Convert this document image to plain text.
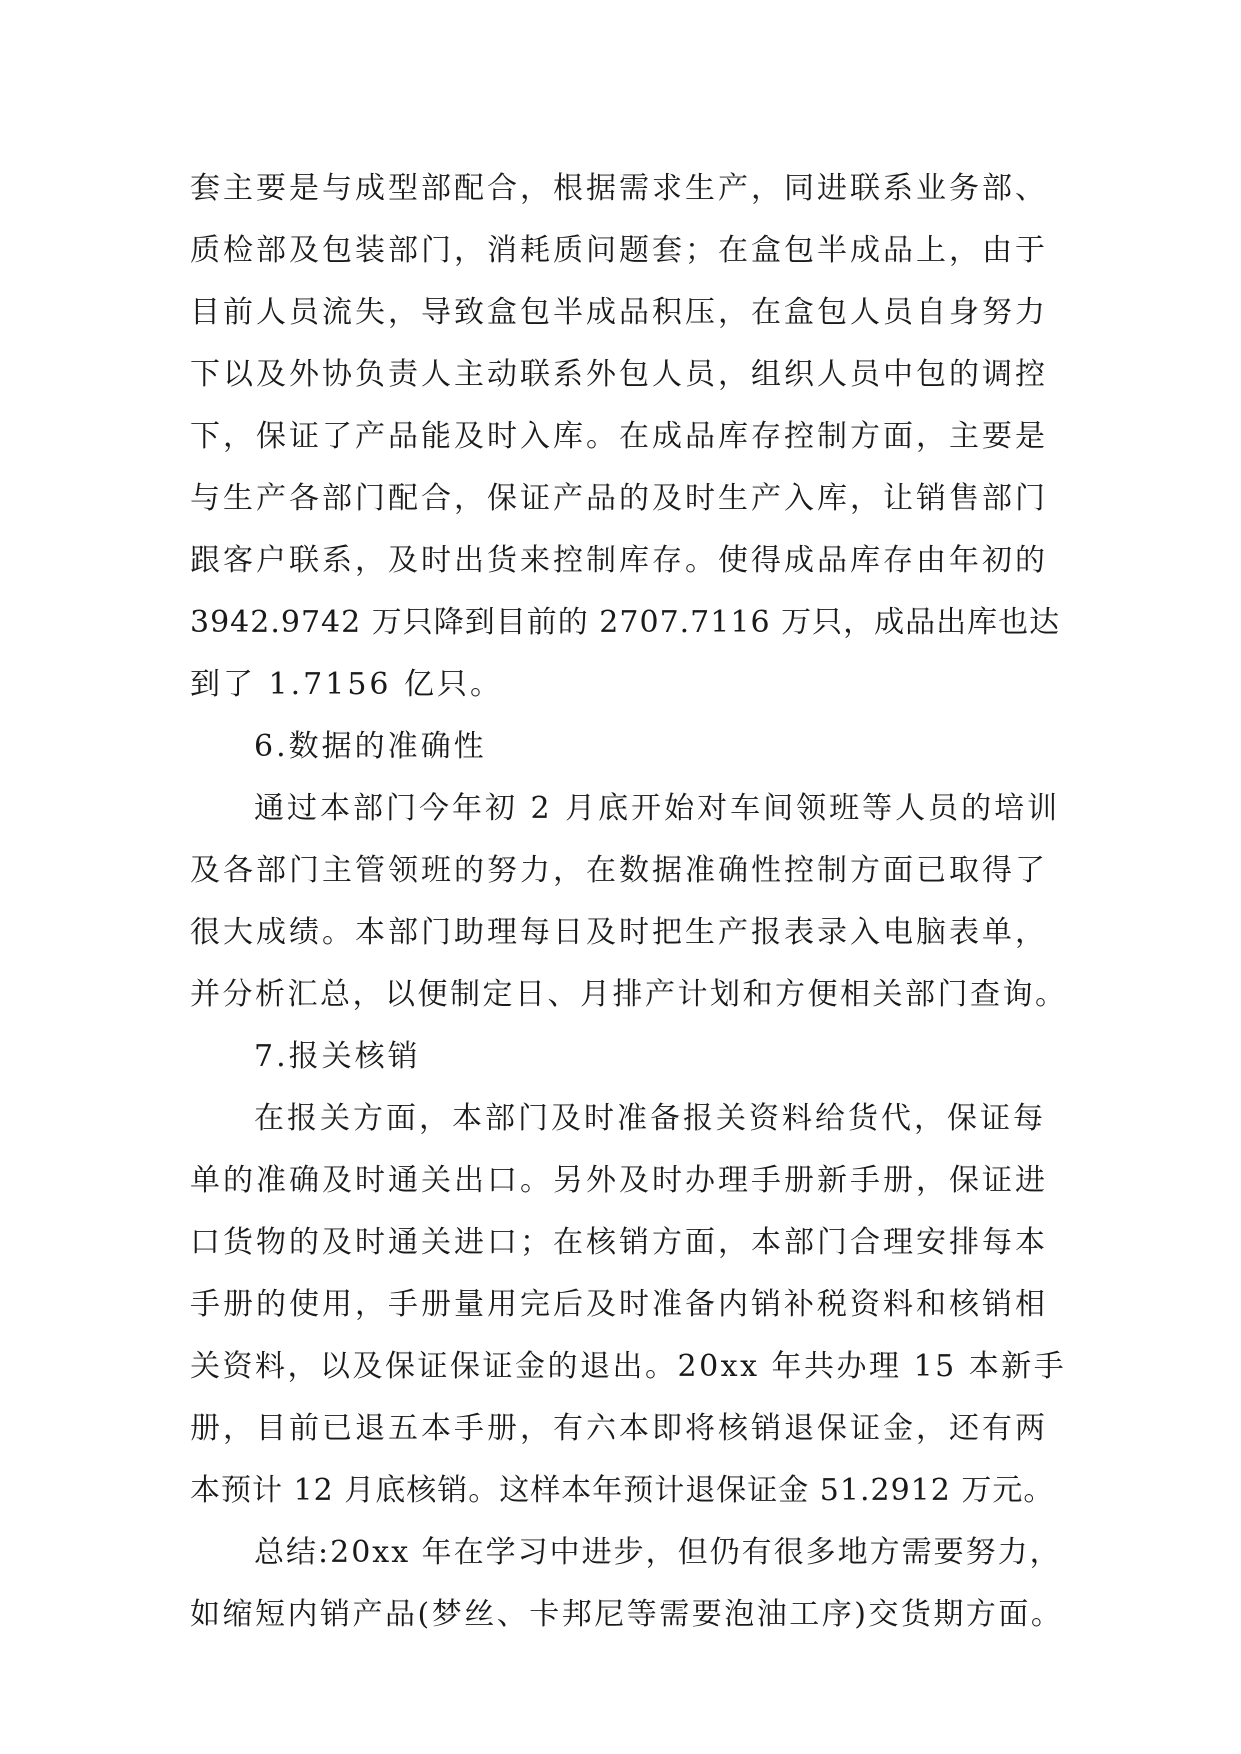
套主要是与成型部配合，根据需求生产，同进联系业务部、
质检部及包装部门，消耗质问题套；在盒包半成品上，由于
目前人员流失，导致盒包半成品积压，在盒包人员自身努力
下以及外协负责人主动联系外包人员，组织人员中包的调控
下，保证了产品能及时入库。在成品库存控制方面，主要是
与生产各部门配合，保证产品的及时生产入库，让销售部门
跟客户联系，及时出货来控制库存。使得成品库存由年初的
3942.9742 万只降到目前的 2707.7116 万只，成品出库也达
到了 1.7156 亿只。
6.数据的准确性
通过本部门今年初 2 月底开始对车间领班等人员的培训
及各部门主管领班的努力，在数据准确性控制方面已取得了
很大成绩。本部门助理每日及时把生产报表录入电脑表单，
并分析汇总，以便制定日、月排产计划和方便相关部门查询。
7.报关核销
在报关方面，本部门及时准备报关资料给货代，保证每
单的准确及时通关出口。另外及时办理手册新手册，保证进
口货物的及时通关进口；在核销方面，本部门合理安排每本
手册的使用，手册量用完后及时准备内销补税资料和核销相
关资料，以及保证保证金的退出。20xx 年共办理 15 本新手
册，目前已退五本手册，有六本即将核销退保证金，还有两
本预计 12 月底核销。这样本年预计退保证金 51.2912 万元。
总结:20xx 年在学习中进步，但仍有很多地方需要努力，
如缩短内销产品(梦丝、卡邦尼等需要泡油工序)交货期方面。
